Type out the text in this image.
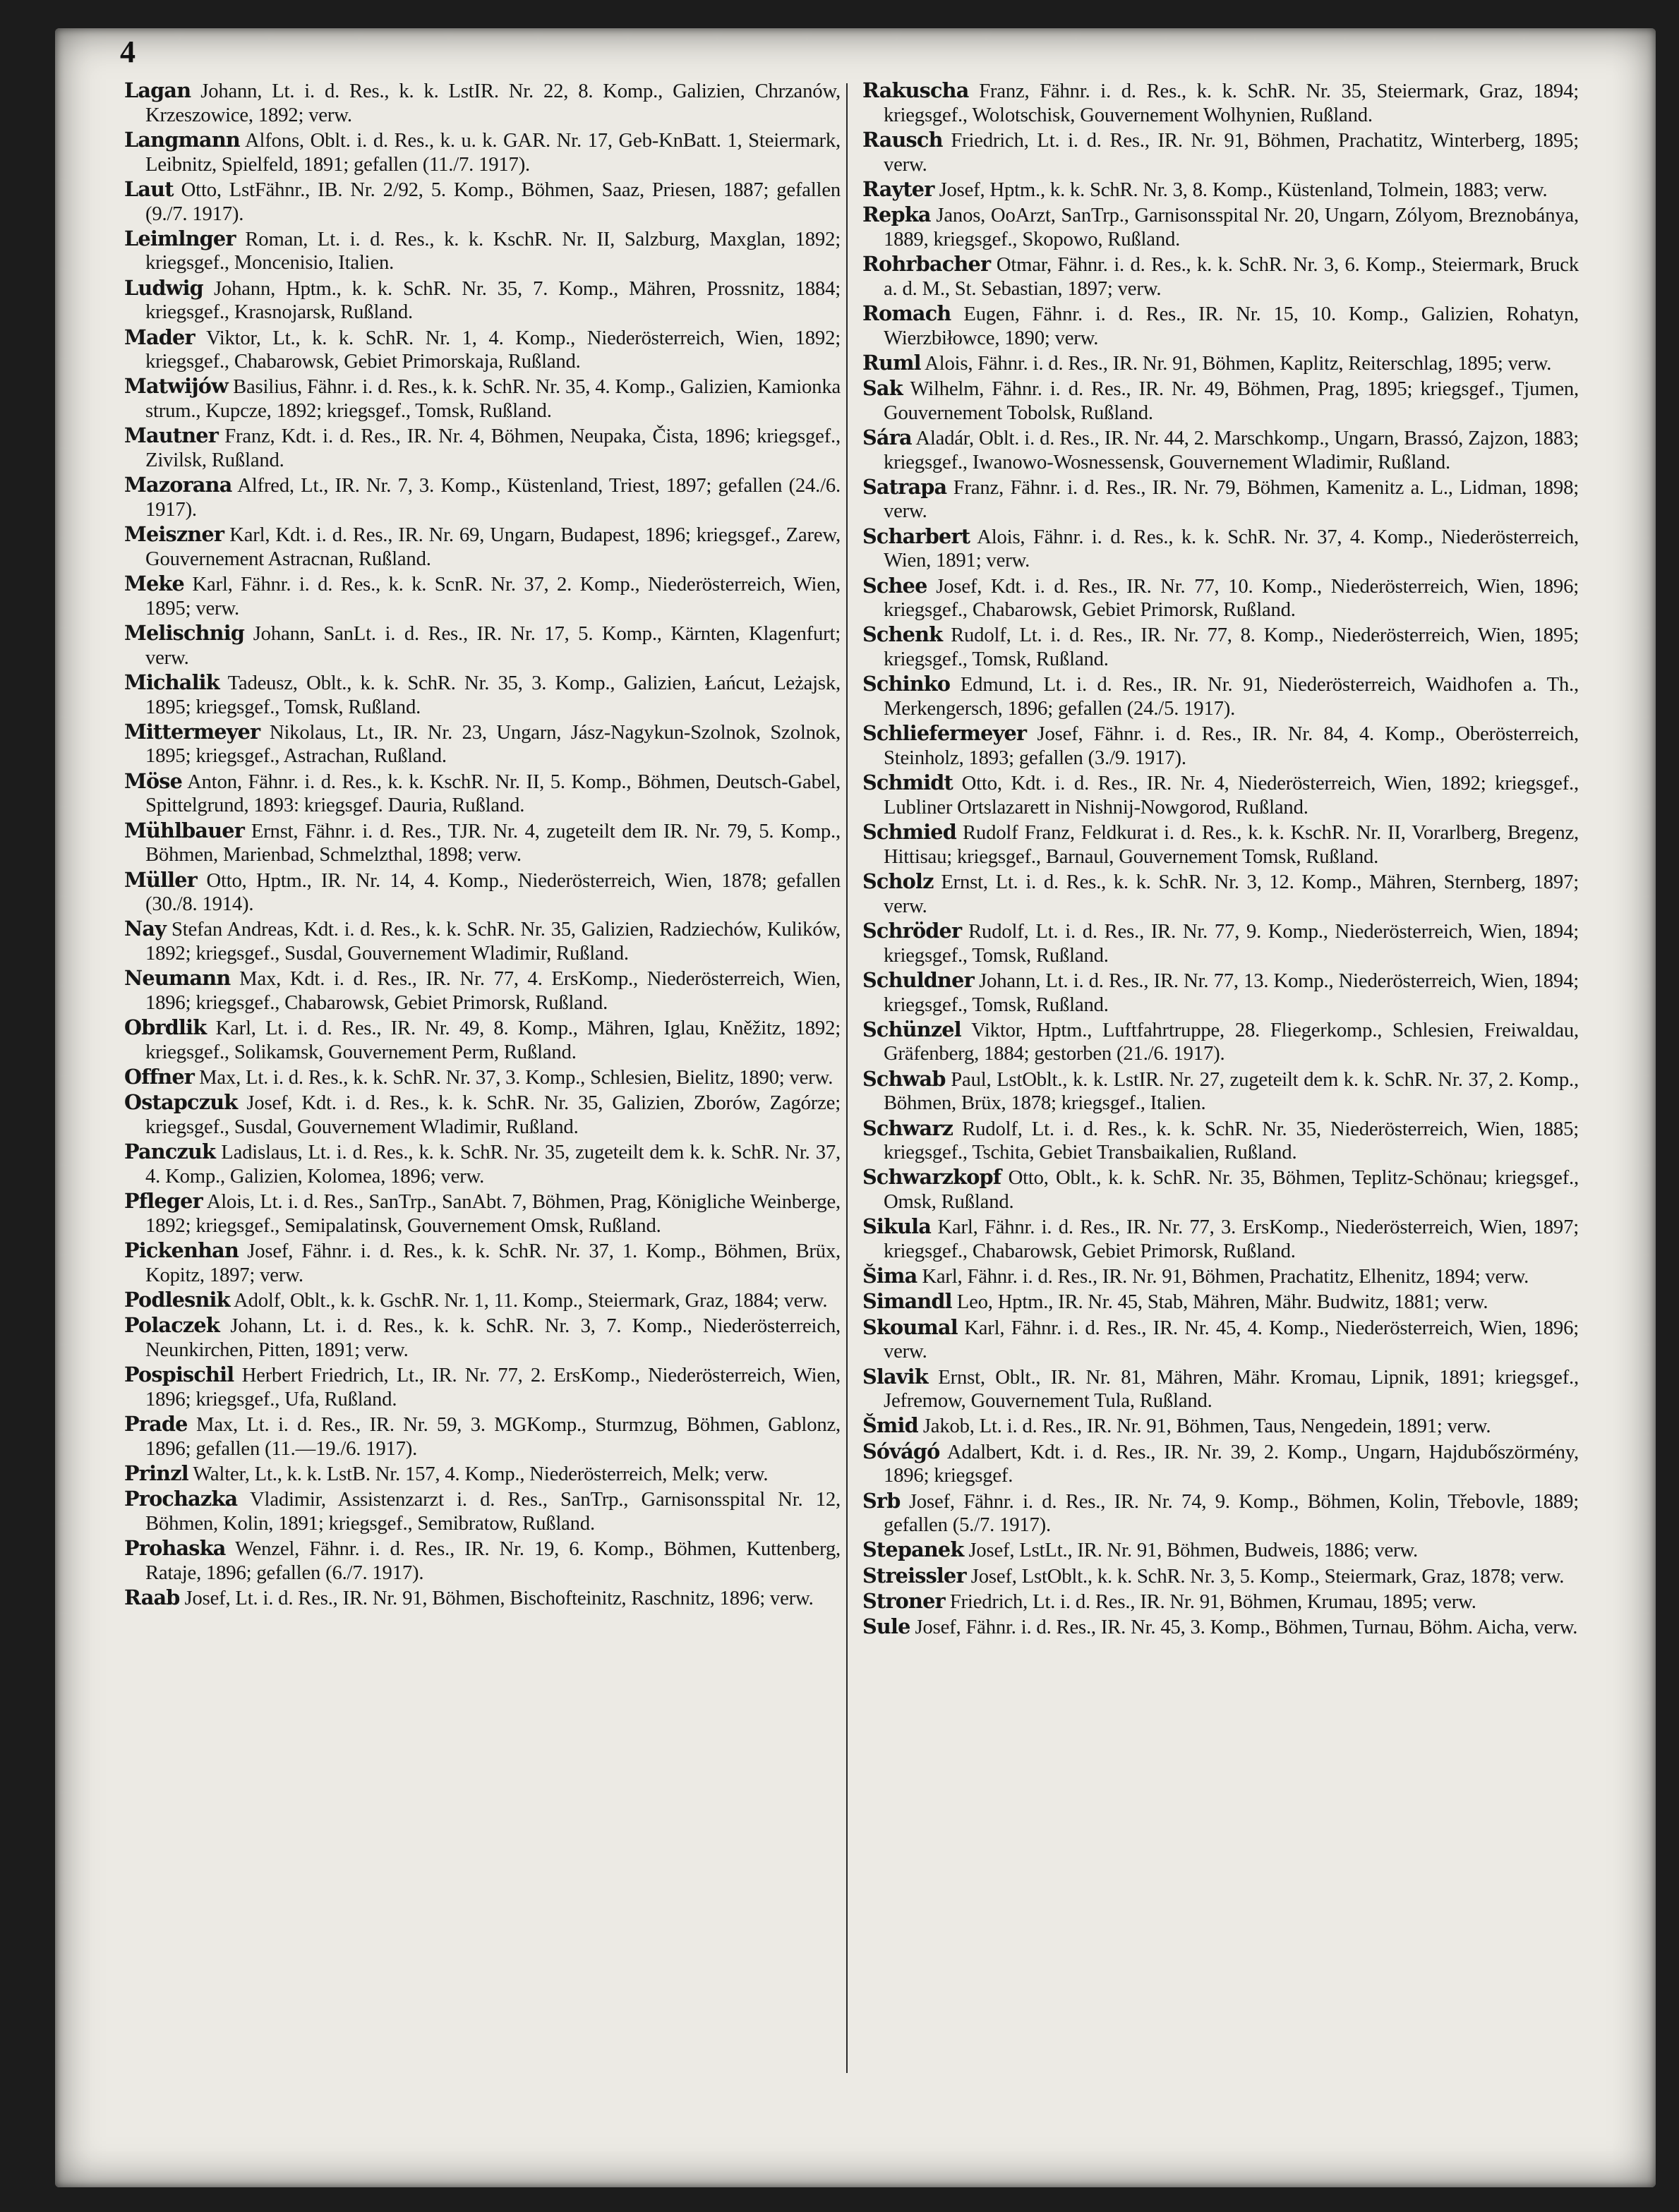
4

Lagan Johann, Lt. i. d. Res., k. k. LstIR. Nr. 22, 8. Komp., Galizien, Chrzanów, Krzeszowice, 1892; verw.

Langmann Alfons, Oblt. i. d. Res., k. u. k. GAR. Nr. 17, Geb-KnBatt. 1, Steiermark, Leibnitz, Spielfeld, 1891; gefallen (11./7. 1917).

Laut Otto, LstFähnr., IB. Nr. 2/92, 5. Komp., Böhmen, Saaz, Priesen, 1887; gefallen (9./7. 1917).

Leimlnger Roman, Lt. i. d. Res., k. k. KschR. Nr. II, Salzburg, Maxglan, 1892; kriegsgef., Moncenisio, Italien.

Ludwig Johann, Hptm., k. k. SchR. Nr. 35, 7. Komp., Mähren, Prossnitz, 1884; kriegsgef., Krasnojarsk, Rußland.

Mader Viktor, Lt., k. k. SchR. Nr. 1, 4. Komp., Niederösterreich, Wien, 1892; kriegsgef., Chabarowsk, Gebiet Primorskaja, Rußland.

Matwijów Basilius, Fähnr. i. d. Res., k. k. SchR. Nr. 35, 4. Komp., Galizien, Kamionka strum., Kupcze, 1892; kriegsgef., Tomsk, Rußland.

Mautner Franz, Kdt. i. d. Res., IR. Nr. 4, Böhmen, Neupaka, Čista, 1896; kriegsgef., Zivilsk, Rußland.

Mazorana Alfred, Lt., IR. Nr. 7, 3. Komp., Küstenland, Triest, 1897; gefallen (24./6. 1917).

Meiszner Karl, Kdt. i. d. Res., IR. Nr. 69, Ungarn, Budapest, 1896; kriegsgef., Zarew, Gouvernement Astracnan, Rußland.

Meke Karl, Fähnr. i. d. Res., k. k. ScnR. Nr. 37, 2. Komp., Niederösterreich, Wien, 1895; verw.

Melischnig Johann, SanLt. i. d. Res., IR. Nr. 17, 5. Komp., Kärnten, Klagenfurt; verw.

Michalik Tadeusz, Oblt., k. k. SchR. Nr. 35, 3. Komp., Galizien, Łańcut, Leżajsk, 1895; kriegsgef., Tomsk, Rußland.

Mittermeyer Nikolaus, Lt., IR. Nr. 23, Ungarn, Jász-Nagykun-Szolnok, Szolnok, 1895; kriegsgef., Astrachan, Rußland.

Möse Anton, Fähnr. i. d. Res., k. k. KschR. Nr. II, 5. Komp., Böhmen, Deutsch-Gabel, Spittelgrund, 1893: kriegsgef. Dauria, Rußland.

Mühlbauer Ernst, Fähnr. i. d. Res., TJR. Nr. 4, zugeteilt dem IR. Nr. 79, 5. Komp., Böhmen, Marienbad, Schmelzthal, 1898; verw.

Müller Otto, Hptm., IR. Nr. 14, 4. Komp., Niederösterreich, Wien, 1878; gefallen (30./8. 1914).

Nay Stefan Andreas, Kdt. i. d. Res., k. k. SchR. Nr. 35, Galizien, Radziechów, Kulików, 1892; kriegsgef., Susdal, Gouvernement Wladimir, Rußland.

Neumann Max, Kdt. i. d. Res., IR. Nr. 77, 4. ErsKomp., Niederösterreich, Wien, 1896; kriegsgef., Chabarowsk, Gebiet Primorsk, Rußland.

Obrdlik Karl, Lt. i. d. Res., IR. Nr. 49, 8. Komp., Mähren, Iglau, Kněžitz, 1892; kriegsgef., Solikamsk, Gouvernement Perm, Rußland.

Offner Max, Lt. i. d. Res., k. k. SchR. Nr. 37, 3. Komp., Schlesien, Bielitz, 1890; verw.

Ostapczuk Josef, Kdt. i. d. Res., k. k. SchR. Nr. 35, Galizien, Zborów, Zagórze; kriegsgef., Susdal, Gouvernement Wladimir, Rußland.

Panczuk Ladislaus, Lt. i. d. Res., k. k. SchR. Nr. 35, zugeteilt dem k. k. SchR. Nr. 37, 4. Komp., Galizien, Kolomea, 1896; verw.

Pfleger Alois, Lt. i. d. Res., SanTrp., SanAbt. 7, Böhmen, Prag, Königliche Weinberge, 1892; kriegsgef., Semipalatinsk, Gouvernement Omsk, Rußland.

Pickenhan Josef, Fähnr. i. d. Res., k. k. SchR. Nr. 37, 1. Komp., Böhmen, Brüx, Kopitz, 1897; verw.

Podlesnik Adolf, Oblt., k. k. GschR. Nr. 1, 11. Komp., Steiermark, Graz, 1884; verw.

Polaczek Johann, Lt. i. d. Res., k. k. SchR. Nr. 3, 7. Komp., Niederösterreich, Neunkirchen, Pitten, 1891; verw.

Pospischil Herbert Friedrich, Lt., IR. Nr. 77, 2. ErsKomp., Niederösterreich, Wien, 1896; kriegsgef., Ufa, Rußland.

Prade Max, Lt. i. d. Res., IR. Nr. 59, 3. MGKomp., Sturmzug, Böhmen, Gablonz, 1896; gefallen (11.—19./6. 1917).

Prinzl Walter, Lt., k. k. LstB. Nr. 157, 4. Komp., Niederösterreich, Melk; verw.

Prochazka Vladimir, Assistenzarzt i. d. Res., SanTrp., Garnisonsspital Nr. 12, Böhmen, Kolin, 1891; kriegsgef., Semibratow, Rußland.

Prohaska Wenzel, Fähnr. i. d. Res., IR. Nr. 19, 6. Komp., Böhmen, Kuttenberg, Rataje, 1896; gefallen (6./7. 1917).

Raab Josef, Lt. i. d. Res., IR. Nr. 91, Böhmen, Bischofteinitz, Raschnitz, 1896; verw.

Rakuscha Franz, Fähnr. i. d. Res., k. k. SchR. Nr. 35, Steiermark, Graz, 1894; kriegsgef., Wolotschisk, Gouvernement Wolhynien, Rußland.

Rausch Friedrich, Lt. i. d. Res., IR. Nr. 91, Böhmen, Prachatitz, Winterberg, 1895; verw.

Rayter Josef, Hptm., k. k. SchR. Nr. 3, 8. Komp., Küstenland, Tolmein, 1883; verw.

Repka Janos, OoArzt, SanTrp., Garnisonsspital Nr. 20, Ungarn, Zólyom, Breznobánya, 1889, kriegsgef., Skopowo, Rußland.

Rohrbacher Otmar, Fähnr. i. d. Res., k. k. SchR. Nr. 3, 6. Komp., Steiermark, Bruck a. d. M., St. Sebastian, 1897; verw.

Romach Eugen, Fähnr. i. d. Res., IR. Nr. 15, 10. Komp., Galizien, Rohatyn, Wierzbiłowce, 1890; verw.

Ruml Alois, Fähnr. i. d. Res., IR. Nr. 91, Böhmen, Kaplitz, Reiterschlag, 1895; verw.

Sak Wilhelm, Fähnr. i. d. Res., IR. Nr. 49, Böhmen, Prag, 1895; kriegsgef., Tjumen, Gouvernement Tobolsk, Rußland.

Sára Aladár, Oblt. i. d. Res., IR. Nr. 44, 2. Marschkomp., Ungarn, Brassó, Zajzon, 1883; kriegsgef., Iwanowo-Wosnessensk, Gouvernement Wladimir, Rußland.

Satrapa Franz, Fähnr. i. d. Res., IR. Nr. 79, Böhmen, Kamenitz a. L., Lidman, 1898; verw.

Scharbert Alois, Fähnr. i. d. Res., k. k. SchR. Nr. 37, 4. Komp., Niederösterreich, Wien, 1891; verw.

Schee Josef, Kdt. i. d. Res., IR. Nr. 77, 10. Komp., Niederösterreich, Wien, 1896; kriegsgef., Chabarowsk, Gebiet Primorsk, Rußland.

Schenk Rudolf, Lt. i. d. Res., IR. Nr. 77, 8. Komp., Niederösterreich, Wien, 1895; kriegsgef., Tomsk, Rußland.

Schinko Edmund, Lt. i. d. Res., IR. Nr. 91, Niederösterreich, Waidhofen a. Th., Merkengersch, 1896; gefallen (24./5. 1917).

Schliefermeyer Josef, Fähnr. i. d. Res., IR. Nr. 84, 4. Komp., Oberösterreich, Steinholz, 1893; gefallen (3./9. 1917).

Schmidt Otto, Kdt. i. d. Res., IR. Nr. 4, Niederösterreich, Wien, 1892; kriegsgef., Lubliner Ortslazarett in Nishnij-Nowgorod, Rußland.

Schmied Rudolf Franz, Feldkurat i. d. Res., k. k. KschR. Nr. II, Vorarlberg, Bregenz, Hittisau; kriegsgef., Barnaul, Gouvernement Tomsk, Rußland.

Scholz Ernst, Lt. i. d. Res., k. k. SchR. Nr. 3, 12. Komp., Mähren, Sternberg, 1897; verw.

Schröder Rudolf, Lt. i. d. Res., IR. Nr. 77, 9. Komp., Niederösterreich, Wien, 1894; kriegsgef., Tomsk, Rußland.

Schuldner Johann, Lt. i. d. Res., IR. Nr. 77, 13. Komp., Niederösterreich, Wien, 1894; kriegsgef., Tomsk, Rußland.

Schünzel Viktor, Hptm., Luftfahrtruppe, 28. Fliegerkomp., Schlesien, Freiwaldau, Gräfenberg, 1884; gestorben (21./6. 1917).

Schwab Paul, LstOblt., k. k. LstIR. Nr. 27, zugeteilt dem k. k. SchR. Nr. 37, 2. Komp., Böhmen, Brüx, 1878; kriegsgef., Italien.

Schwarz Rudolf, Lt. i. d. Res., k. k. SchR. Nr. 35, Niederösterreich, Wien, 1885; kriegsgef., Tschita, Gebiet Transbaikalien, Rußland.

Schwarzkopf Otto, Oblt., k. k. SchR. Nr. 35, Böhmen, Teplitz-Schönau; kriegsgef., Omsk, Rußland.

Sikula Karl, Fähnr. i. d. Res., IR. Nr. 77, 3. ErsKomp., Niederösterreich, Wien, 1897; kriegsgef., Chabarowsk, Gebiet Primorsk, Rußland.

Šima Karl, Fähnr. i. d. Res., IR. Nr. 91, Böhmen, Prachatitz, Elhenitz, 1894; verw.

Simandl Leo, Hptm., IR. Nr. 45, Stab, Mähren, Mähr. Budwitz, 1881; verw.

Skoumal Karl, Fähnr. i. d. Res., IR. Nr. 45, 4. Komp., Niederösterreich, Wien, 1896; verw.

Slavik Ernst, Oblt., IR. Nr. 81, Mähren, Mähr. Kromau, Lipnik, 1891; kriegsgef., Jefremow, Gouvernement Tula, Rußland.

Šmid Jakob, Lt. i. d. Res., IR. Nr. 91, Böhmen, Taus, Nengedein, 1891; verw.

Sóvágó Adalbert, Kdt. i. d. Res., IR. Nr. 39, 2. Komp., Ungarn, Hajdubőszörmény, 1896; kriegsgef.

Srb Josef, Fähnr. i. d. Res., IR. Nr. 74, 9. Komp., Böhmen, Kolin, Třebovle, 1889; gefallen (5./7. 1917).

Stepanek Josef, LstLt., IR. Nr. 91, Böhmen, Budweis, 1886; verw.

Streissler Josef, LstOblt., k. k. SchR. Nr. 3, 5. Komp., Steiermark, Graz, 1878; verw.

Stroner Friedrich, Lt. i. d. Res., IR. Nr. 91, Böhmen, Krumau, 1895; verw.

Sule Josef, Fähnr. i. d. Res., IR. Nr. 45, 3. Komp., Böhmen, Turnau, Böhm. Aicha, verw.
